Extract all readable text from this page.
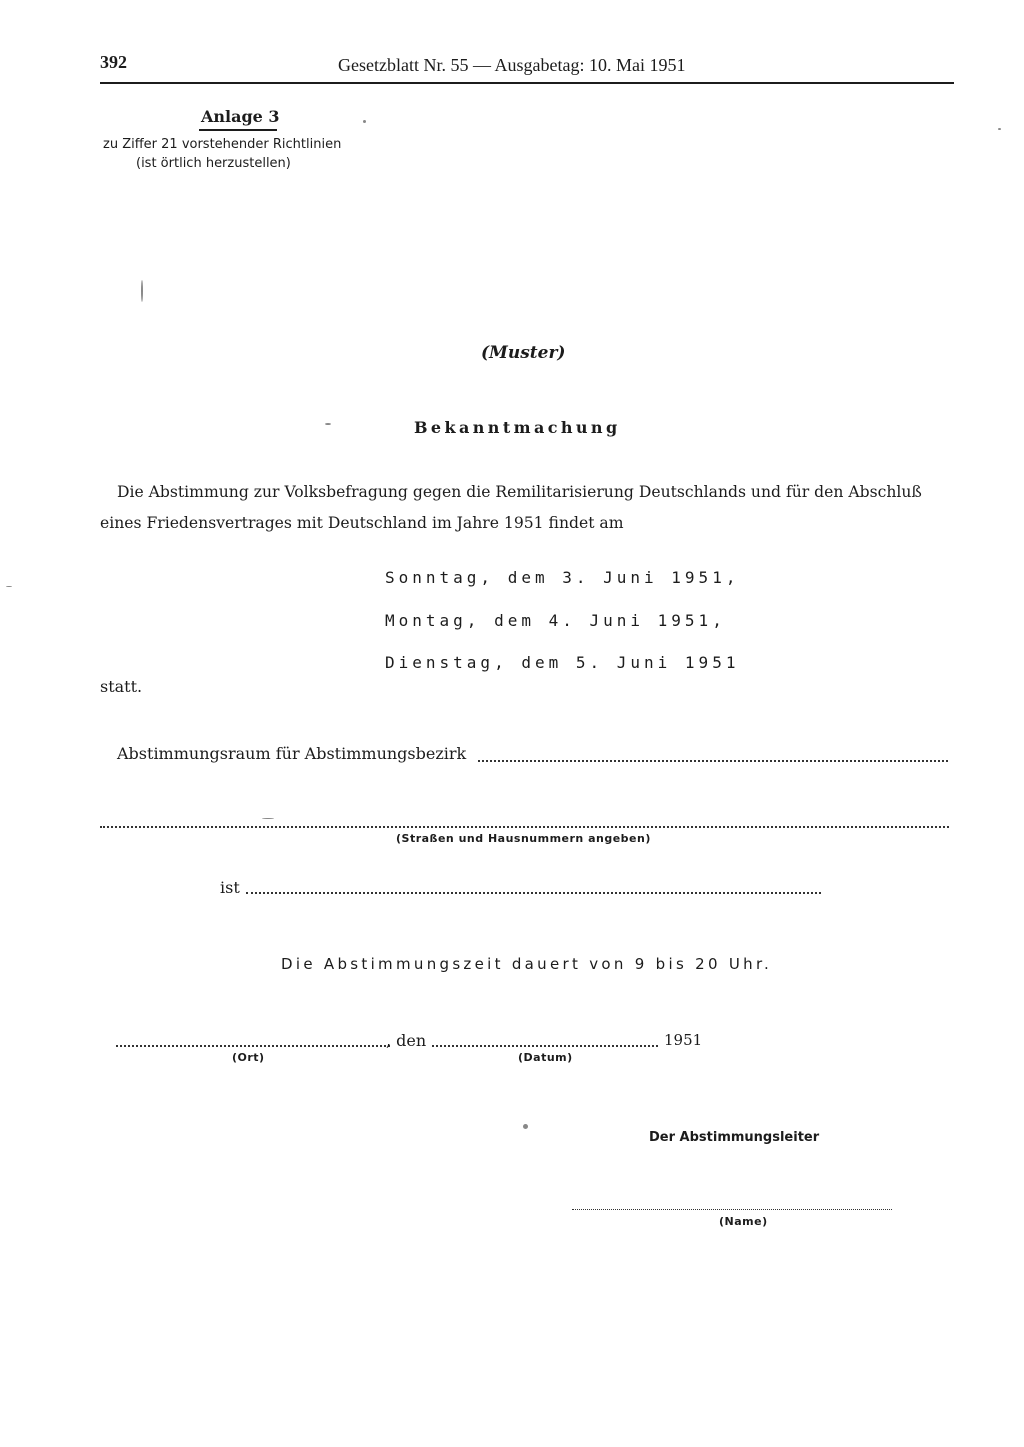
392	Gesetzblatt Nr. 55 — Ausgabetag: 10. Mai 1951
Anlage 3
zu Ziffer 21 vorstehender Richtlinien
(ist örtlich herzustellen)
(Muster)
Bekanntmachung
Die Abstimmung zur Volksbefragung gegen die Remilitarisierung Deutschlands und für den Abschluß
eines Friedensvertrages mit Deutschland im Jahre 1951 findet am
Sonntag, dem 3. Juni 1951,
Montag, dem 4. Juni 1951,
Dienstag, dem 5. Juni 1951
statt.
Abstimmungsraum für Abstimmungsbezirk
(Straßen und Hausnummern angeben)
ist
Die Abstimmungszeit dauert von 9 bis 20 Uhr.
, den	1951
(Ort)	(Datum)
Der Abstimmungsleiter
(Name)
